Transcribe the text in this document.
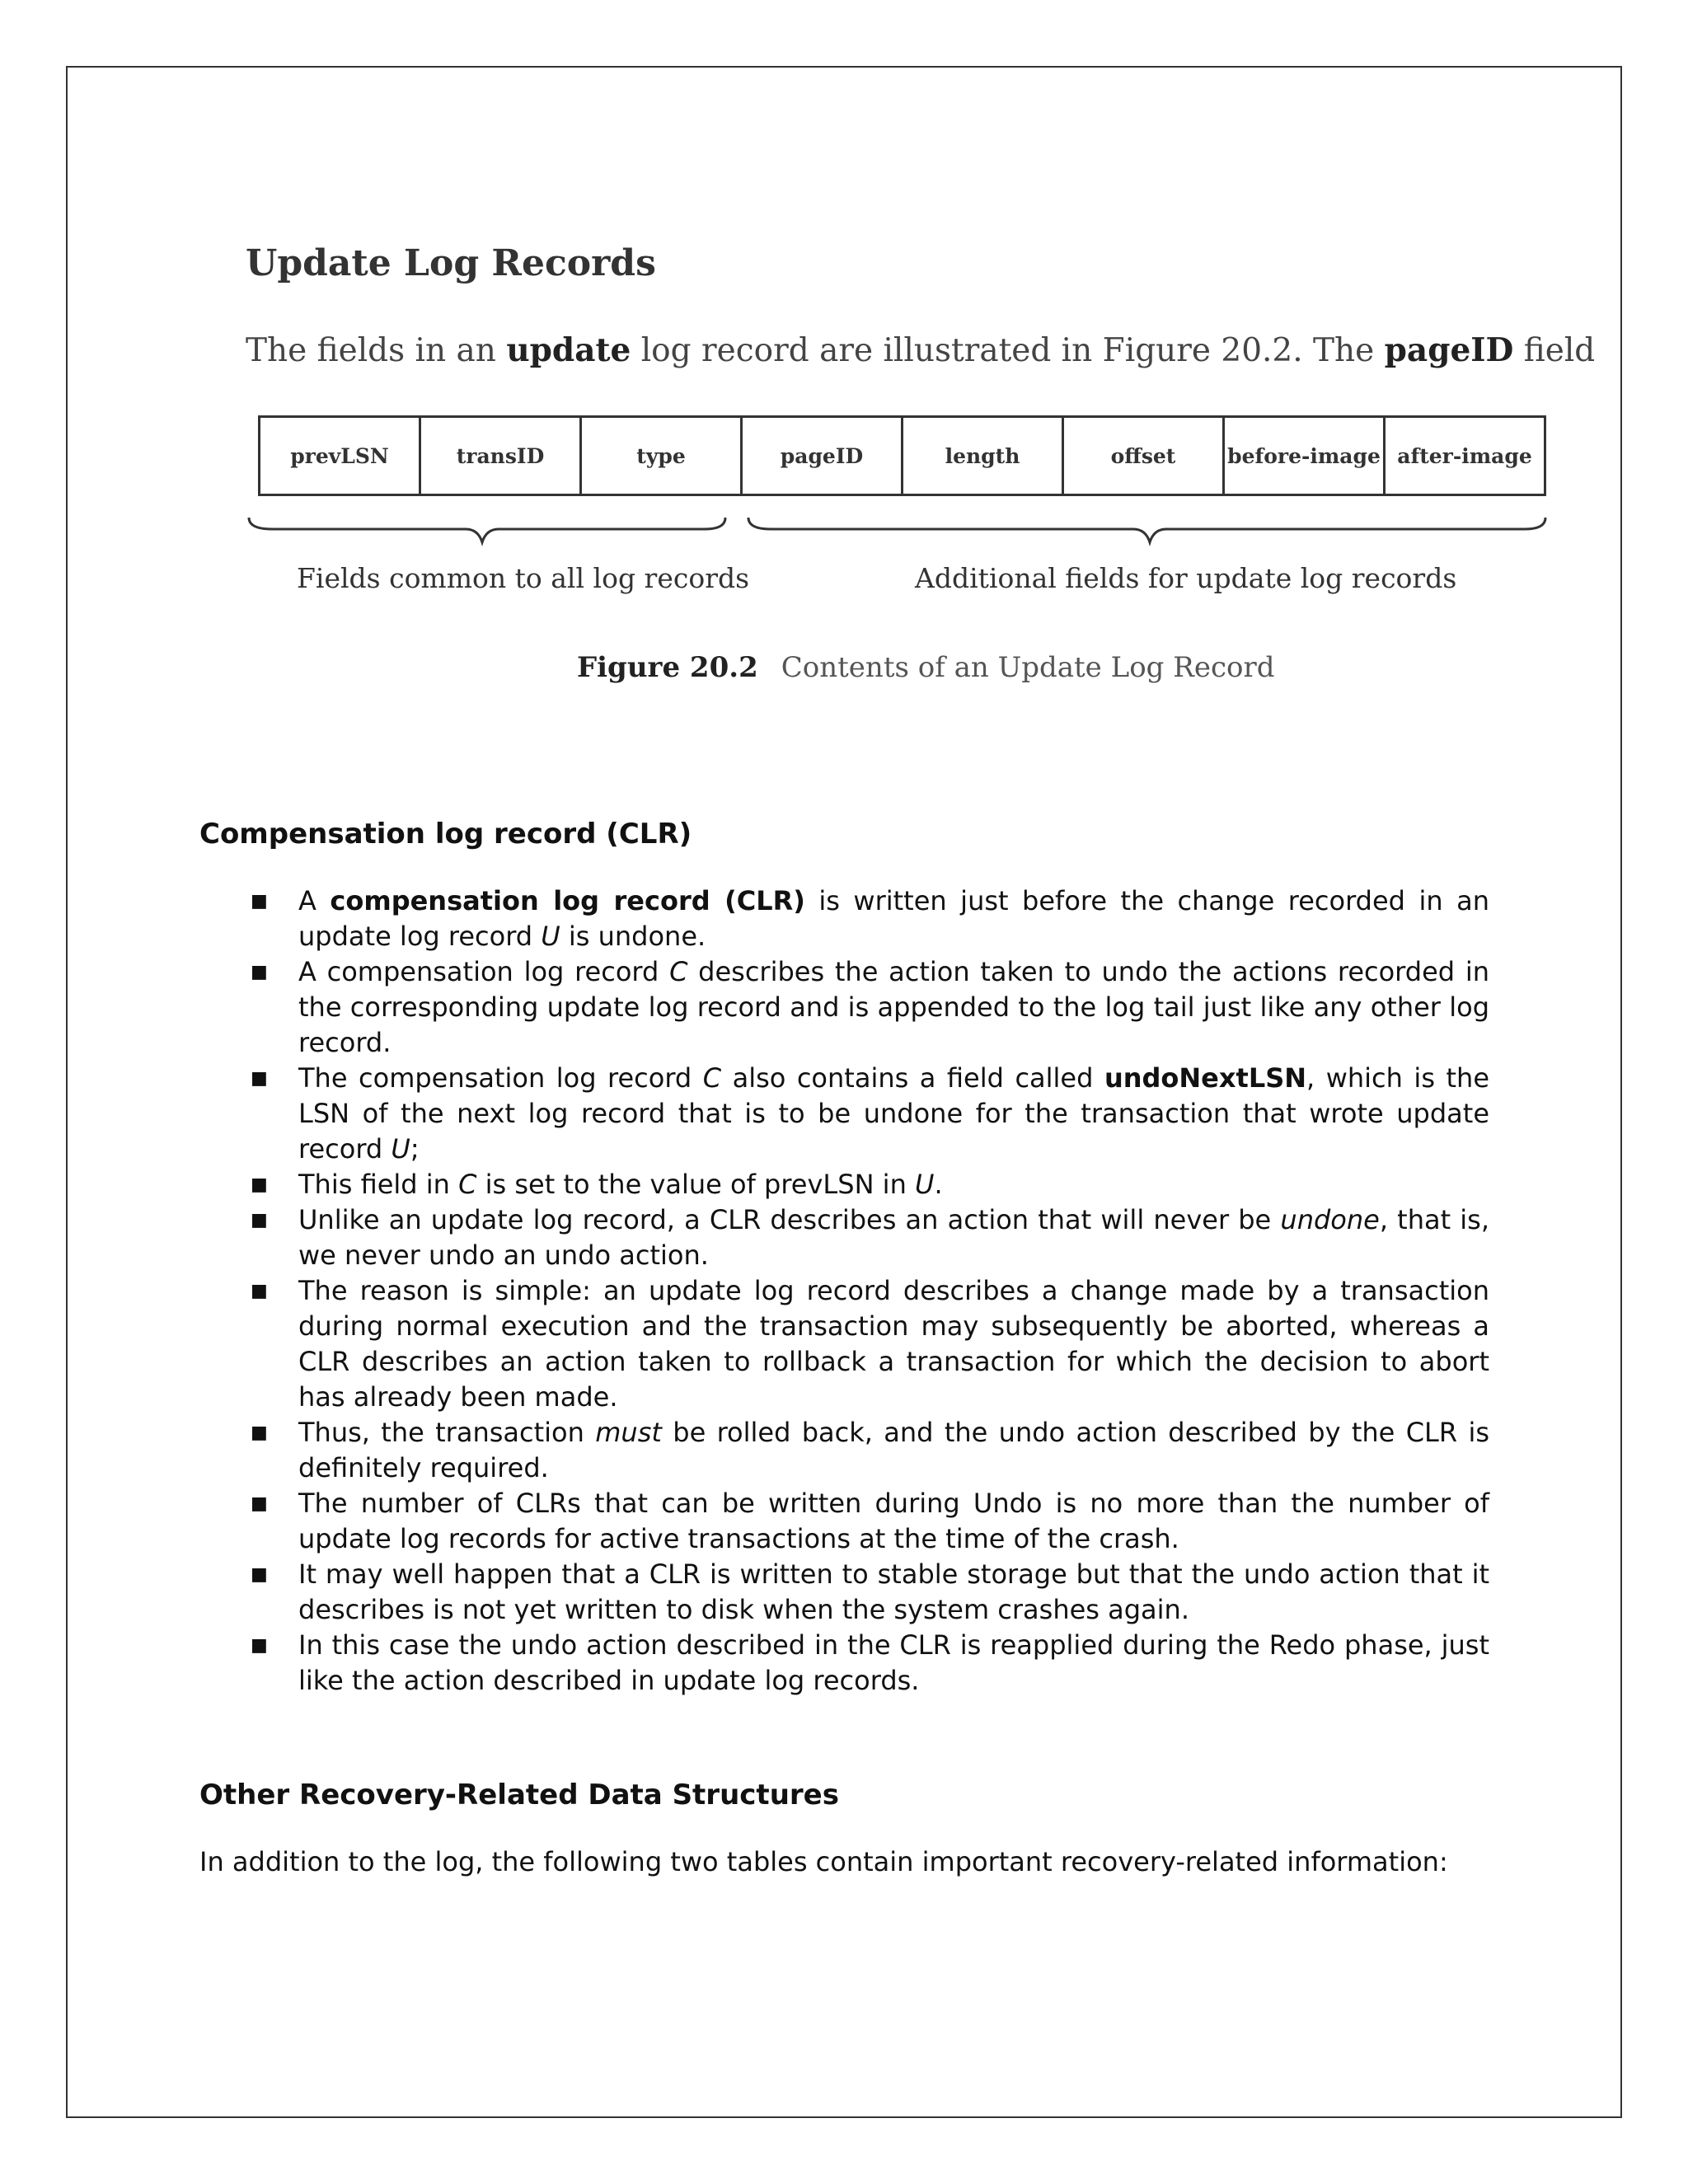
Update Log Records
The fields in an update log record are illustrated in Figure 20.2. The pageID field
prevLSN	transID	type	pageID	length	offset	before-image	after-image
Fields common to all log records	Additional fields for update log records
Figure 20.2 Contents of an Update Log Record
Compensation log record (CLR)
■ A compensation log record (CLR) is written just before the change recorded in an update log record U is undone.

■ A compensation log record C describes the action taken to undo the actions recorded in the corresponding update log record and is appended to the log tail just like any other log record.

■ The compensation log record C also contains a field called undoNextLSN, which is the LSN of the next log record that is to be undone for the transaction that wrote update record U;

■ This field in C is set to the value of prevLSN in U.

■ Unlike an update log record, a CLR describes an action that will never be undone, that is, we never undo an undo action.

■ The reason is simple: an update log record describes a change made by a transaction during normal execution and the transaction may subsequently be aborted, whereas a CLR describes an action taken to rollback a transaction for which the decision to abort has already been made.

■ Thus, the transaction must be rolled back, and the undo action described by the CLR is definitely required.

■ The number of CLRs that can be written during Undo is no more than the number of update log records for active transactions at the time of the crash.

■ It may well happen that a CLR is written to stable storage but that the undo action that it describes is not yet written to disk when the system crashes again.

■ In this case the undo action described in the CLR is reapplied during the Redo phase, just like the action described in update log records.

Other Recovery-Related Data Structures

In addition to the log, the following two tables contain important recovery-related information:
